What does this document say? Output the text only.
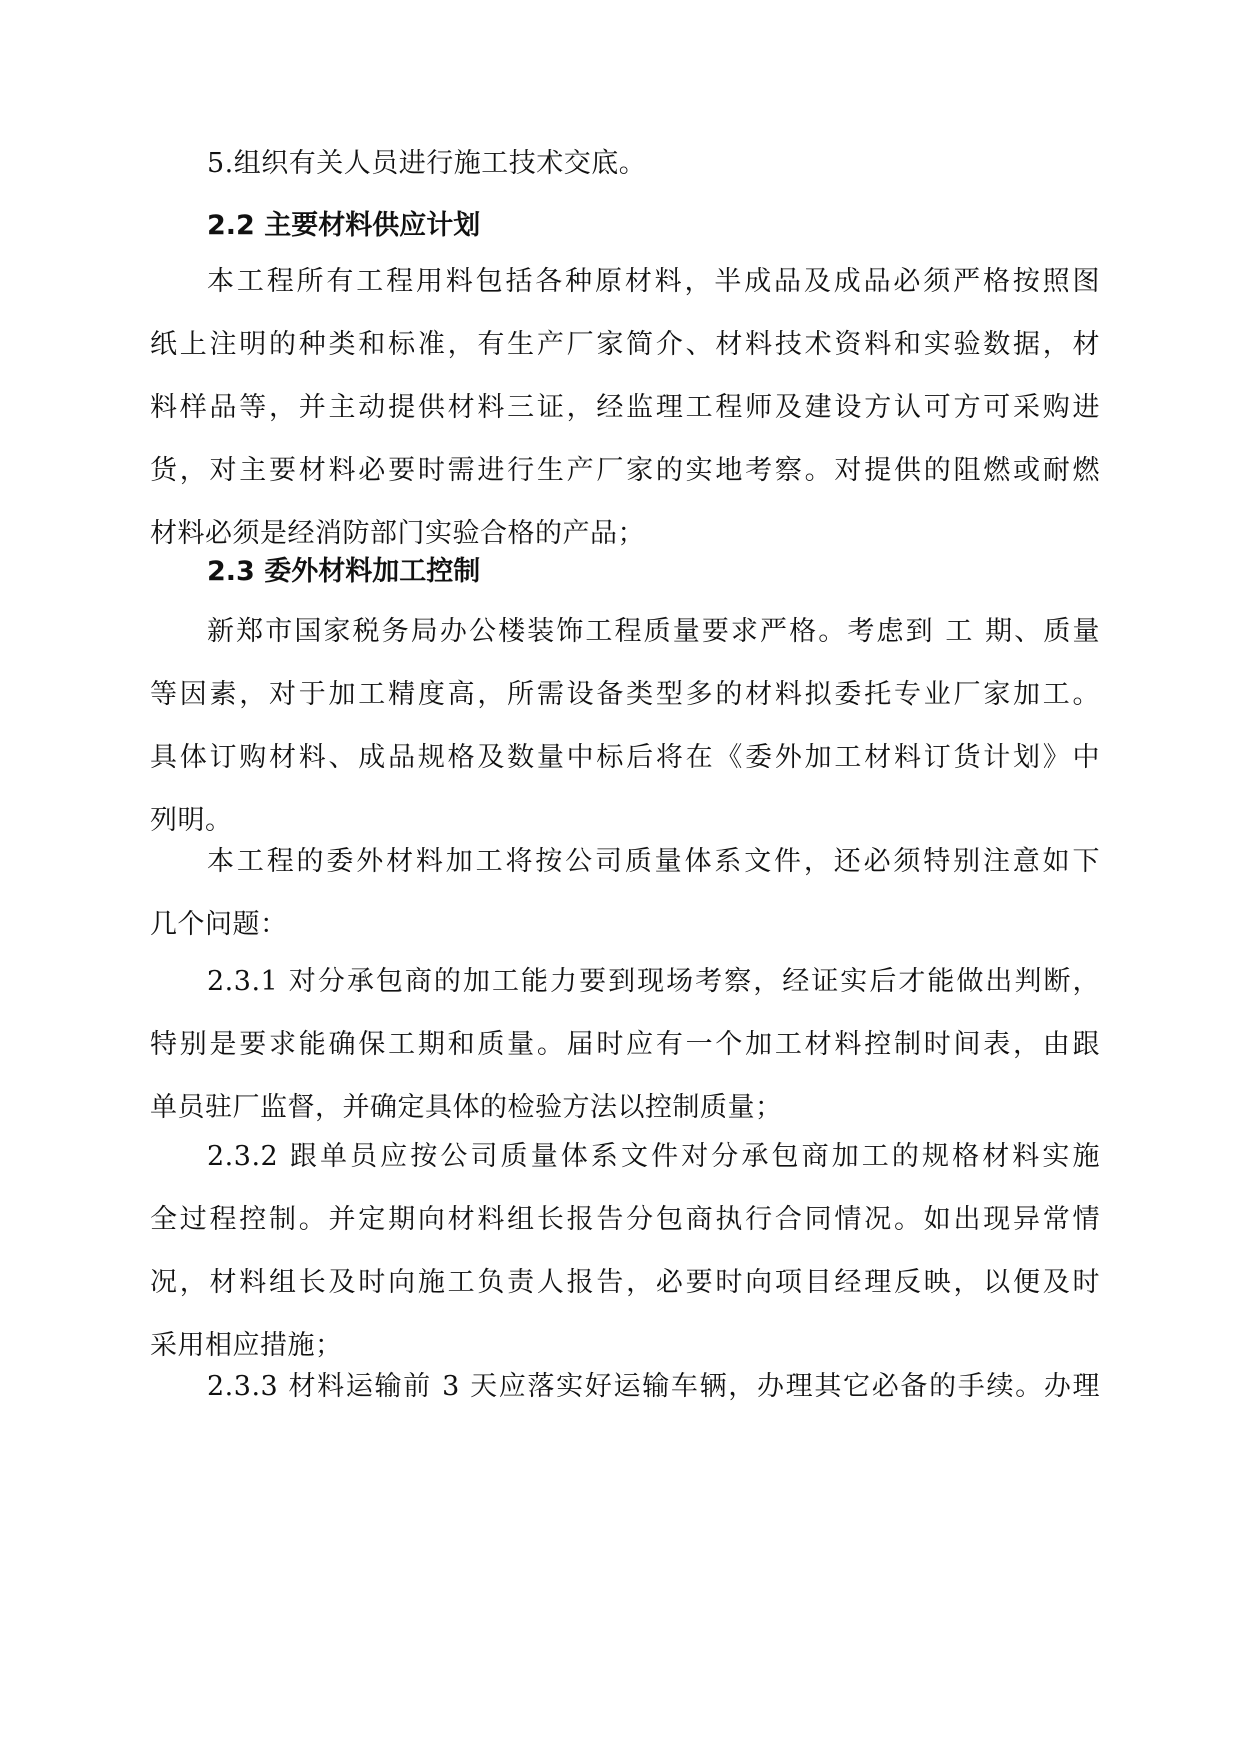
5.组织有关人员进行施工技术交底。

2.2 主要材料供应计划

本工程所有工程用料包括各种原材料，半成品及成品必须严格按照图
纸上注明的种类和标准，有生产厂家简介、材料技术资料和实验数据，材
料样品等，并主动提供材料三证，经监理工程师及建设方认可方可采购进
货，对主要材料必要时需进行生产厂家的实地考察。对提供的阻燃或耐燃
材料必须是经消防部门实验合格的产品；

2.3 委外材料加工控制

新郑市国家税务局办公楼装饰工程质量要求严格。考虑到 工 期、质量
等因素，对于加工精度高，所需设备类型多的材料拟委托专业厂家加工。
具体订购材料、成品规格及数量中标后将在《委外加工材料订货计划》中
列明。

本工程的委外材料加工将按公司质量体系文件，还必须特别注意如下
几个问题：

2.3.1 对分承包商的加工能力要到现场考察，经证实后才能做出判断，
特别是要求能确保工期和质量。届时应有一个加工材料控制时间表，由跟
单员驻厂监督，并确定具体的检验方法以控制质量；

2.3.2 跟单员应按公司质量体系文件对分承包商加工的规格材料实施
全过程控制。并定期向材料组长报告分包商执行合同情况。如出现异常情
况，材料组长及时向施工负责人报告，必要时向项目经理反映，以便及时
采用相应措施；

2.3.3 材料运输前 3 天应落实好运输车辆，办理其它必备的手续。办理
